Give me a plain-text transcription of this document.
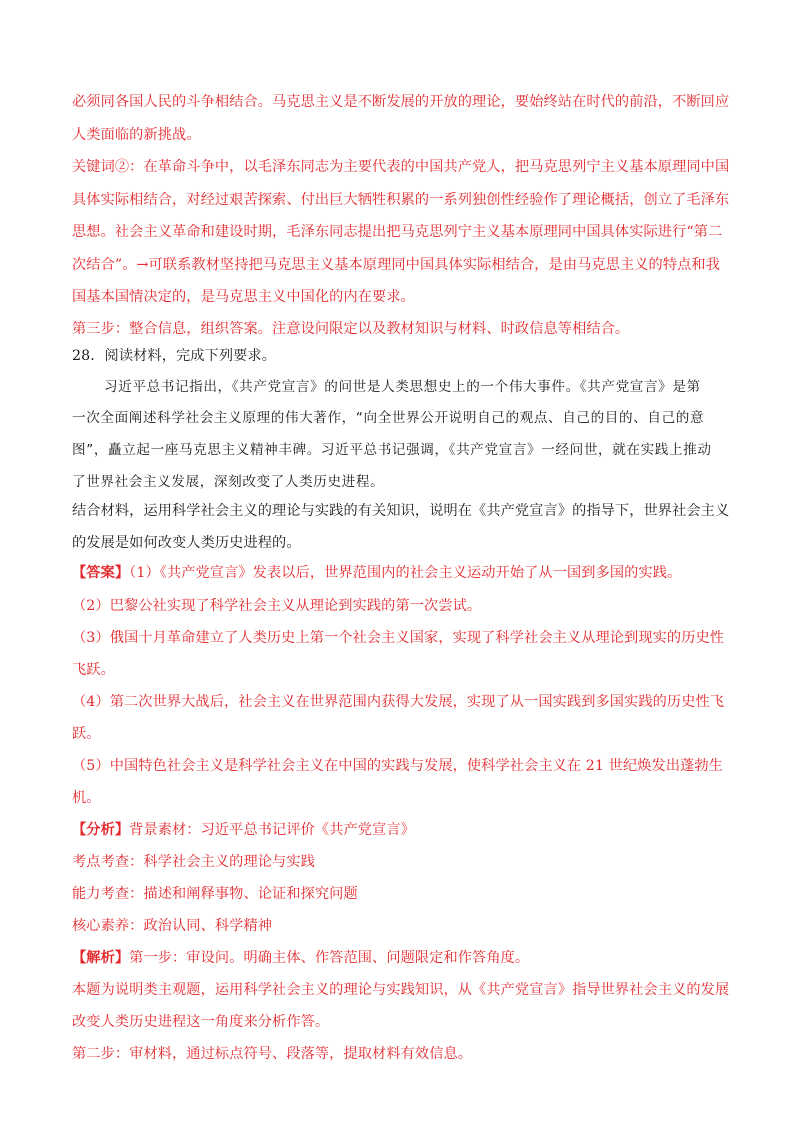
必须同各国人民的斗争相结合。马克思主义是不断发展的开放的理论，要始终站在时代的前沿，不断回应
人类面临的新挑战。
关键词②：在革命斗争中，以毛泽东同志为主要代表的中国共产党人，把马克思列宁主义基本原理同中国
具体实际相结合，对经过艰苦探索、付出巨大牺牲积累的一系列独创性经验作了理论概括，创立了毛泽东
思想。社会主义革命和建设时期，毛泽东同志提出把马克思列宁主义基本原理同中国具体实际进行“第二
次结合”。→可联系教材坚持把马克思主义基本原理同中国具体实际相结合，是由马克思主义的特点和我
国基本国情决定的，是马克思主义中国化的内在要求。
第三步：整合信息，组织答案。注意设问限定以及教材知识与材料、时政信息等相结合。
28．阅读材料，完成下列要求。
习近平总书记指出，《共产党宣言》的问世是人类思想史上的一个伟大事件。《共产党宣言》是第
一次全面阐述科学社会主义原理的伟大著作，“向全世界公开说明自己的观点、自己的目的、自己的意
图”，矗立起一座马克思主义精神丰碑。习近平总书记强调，《共产党宣言》一经问世，就在实践上推动
了世界社会主义发展，深刻改变了人类历史进程。
结合材料，运用科学社会主义的理论与实践的有关知识，说明在《共产党宣言》的指导下，世界社会主义
的发展是如何改变人类历史进程的。
【答案】（1）《共产党宣言》发表以后，世界范围内的社会主义运动开始了从一国到多国的实践。
（2）巴黎公社实现了科学社会主义从理论到实践的第一次尝试。
（3）俄国十月革命建立了人类历史上第一个社会主义国家，实现了科学社会主义从理论到现实的历史性
飞跃。
（4）第二次世界大战后，社会主义在世界范围内获得大发展，实现了从一国实践到多国实践的历史性飞
跃。
（5）中国特色社会主义是科学社会主义在中国的实践与发展，使科学社会主义在 21 世纪焕发出蓬勃生
机。
【分析】背景素材：习近平总书记评价《共产党宣言》
考点考查：科学社会主义的理论与实践
能力考查：描述和阐释事物、论证和探究问题
核心素养：政治认同、科学精神
【解析】第一步：审设问。明确主体、作答范围、问题限定和作答角度。
本题为说明类主观题，运用科学社会主义的理论与实践知识，从《共产党宣言》指导世界社会主义的发展
改变人类历史进程这一角度来分析作答。
第二步：审材料，通过标点符号、段落等，提取材料有效信息。
